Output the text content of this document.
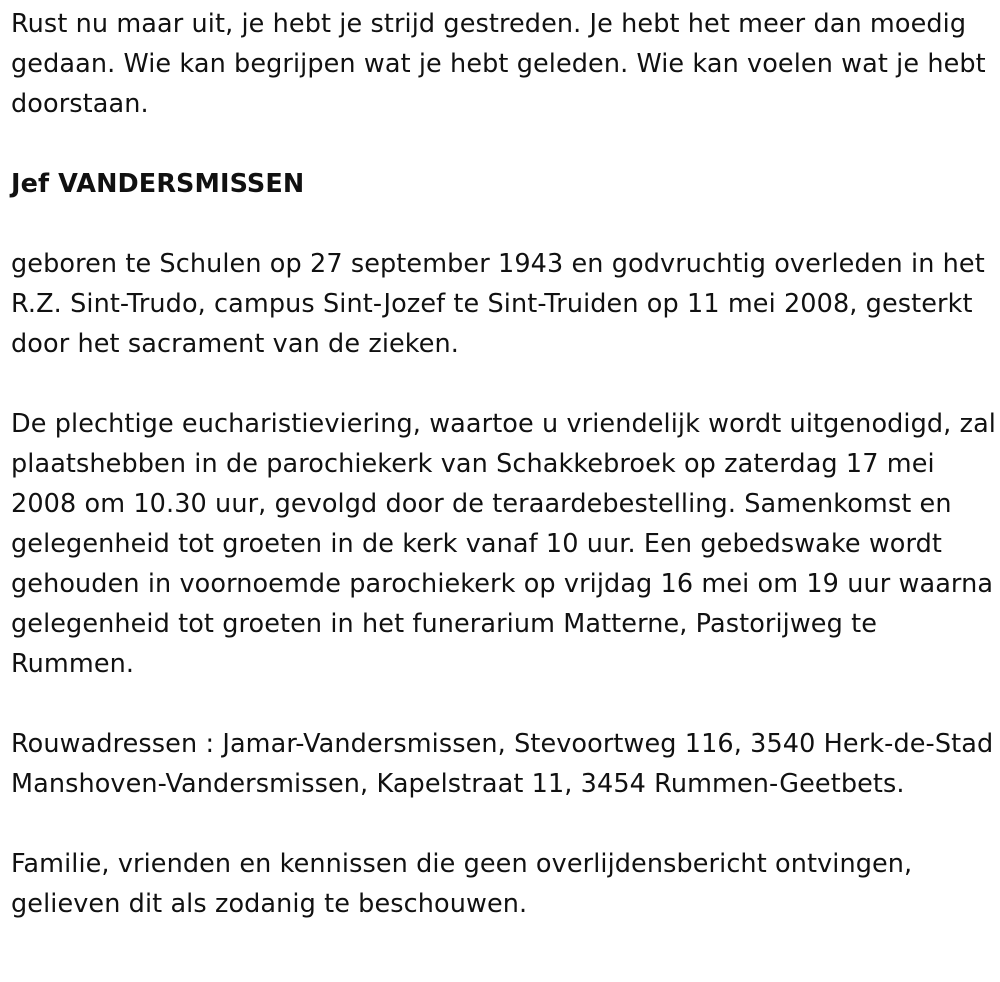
Rust nu maar uit, je hebt je strijd gestreden. Je hebt het meer dan moedig gedaan. Wie kan begrijpen wat je hebt geleden. Wie kan voelen wat je hebt doorstaan.

Jef VANDERSMISSEN

geboren te Schulen op 27 september 1943 en godvruchtig overleden in het R.Z. Sint-Trudo, campus Sint-Jozef te Sint-Truiden op 11 mei 2008, gesterkt door het sacrament van de zieken.

De plechtige eucharistieviering, waartoe u vriendelijk wordt uitgenodigd, zal plaatshebben in de parochiekerk van Schakkebroek op zaterdag 17 mei 2008 om 10.30 uur, gevolgd door de teraardebestelling. Samenkomst en gelegenheid tot groeten in de kerk vanaf 10 uur. Een gebedswake wordt gehouden in voornoemde parochiekerk op vrijdag 16 mei om 19 uur waarna gelegenheid tot groeten in het funerarium Matterne, Pastorijweg te Rummen.

Rouwadressen : Jamar-Vandersmissen, Stevoortweg 116, 3540 Herk-de-Stad Manshoven-Vandersmissen, Kapelstraat 11, 3454 Rummen-Geetbets.

Familie, vrienden en kennissen die geen overlijdensbericht ontvingen, gelieven dit als zodanig te beschouwen.
